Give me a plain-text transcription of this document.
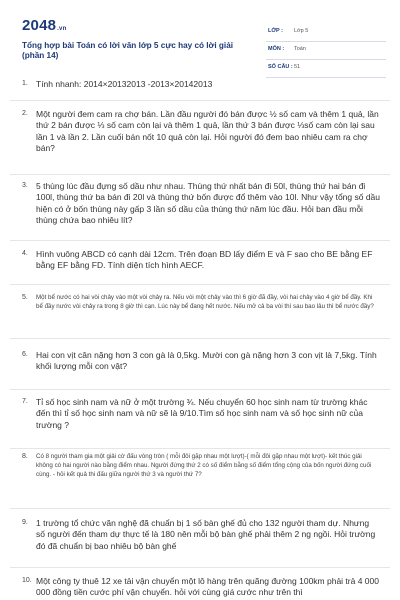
2048.vn
Tổng hợp bài Toán có lời văn lớp 5 cực hay có lời giải (phần 14)
LỚP : Lớp 5
MÔN : Toán
SỐ CÂU : 51
1. Tính nhanh: 2014×20132013 -2013×20142013
2. Một người đem cam ra chợ bán. Lần đầu người đó bán được ½ số cam và thêm 1 quả, lần thứ 2 bán được ⅓ số cam còn lại và thêm 1 quả, lần thứ 3 bán được ⅓số cam còn lại sau lần 1 và lần 2. Lần cuối bán nốt 10 quả còn lại. Hỏi người đó đem bao nhiêu cam ra chợ bán?
3. 5 thùng lúc đầu đựng số dầu như nhau. Thùng thứ nhất bán đi 50l, thùng thứ hai bán đi 100l, thùng thứ ba bán đi 20l và thùng thứ bốn được đổ thêm vào 10l. Như vậy tổng số dầu hiện có ở bốn thùng này gấp 3 lần số dầu của thùng thứ năm lúc đầu. Hỏi ban đầu mỗi thùng chứa bao nhiêu lít?
4. Hình vuông ABCD có cạnh dài 12cm. Trên đoạn BD lấy điểm E và F sao cho BE bằng EF bằng EF bằng FD. Tính diện tích hình AECF.
5. Một bể nước có hai vòi chảy vào một vòi chảy ra. Nếu vòi một chảy vào thì 6 giờ đã đầy, vòi hai chảy vào 4 giờ bể đầy. Khi bể đầy nước vòi chảy ra trong 8 giờ thì cạn. Lúc này bể đang hết nước. Nếu mở cả ba vòi thì sau bao lâu thì bể nước đầy?
6. Hai con vịt cân nặng hơn 3 con gà là 0,5kg. Mười con gà nặng hơn 3 con vịt là 7,5kg. Tính khối lượng mỗi con vật?
7. Tỉ số học sinh nam và nữ ở một trường ¾. Nếu chuyển 60 học sinh nam từ trường khác đến thì tỉ số học sinh nam và nữ sẽ là 9/10.Tìm số học sinh nam và số học sinh nữ của trường ?
8. Có 8 người tham gia một giải cờ đấu vòng tròn ( mỗi đôi gặp nhau một lượt)-( mỗi đôi gặp nhau một lượt)- kết thúc giải không có hai người nào bằng điểm nhau. Người đứng thứ 2 có số điểm bằng số điểm tổng cộng của bốn người đứng cuối cùng. - hỏi kết quả thi đấu giữa người thứ 3 và người thứ 7?
9. 1 trường tổ chức văn nghệ đã chuẩn bị 1 số bàn ghế đủ cho 132 người tham dự. Nhưng số người đến tham dự thực tế là 180 nên mỗi bộ bàn ghế phải thêm 2 ng ngồi. Hỏi trường đó đã chuẩn bị bao nhiêu bộ bàn ghế
10. Một công ty thuê 12 xe tải vận chuyển một lô hàng trên quãng đường 100km phải trả 4 000 000 đồng tiền cước phí vận chuyển. hỏi với cùng giá cước như trên thì
